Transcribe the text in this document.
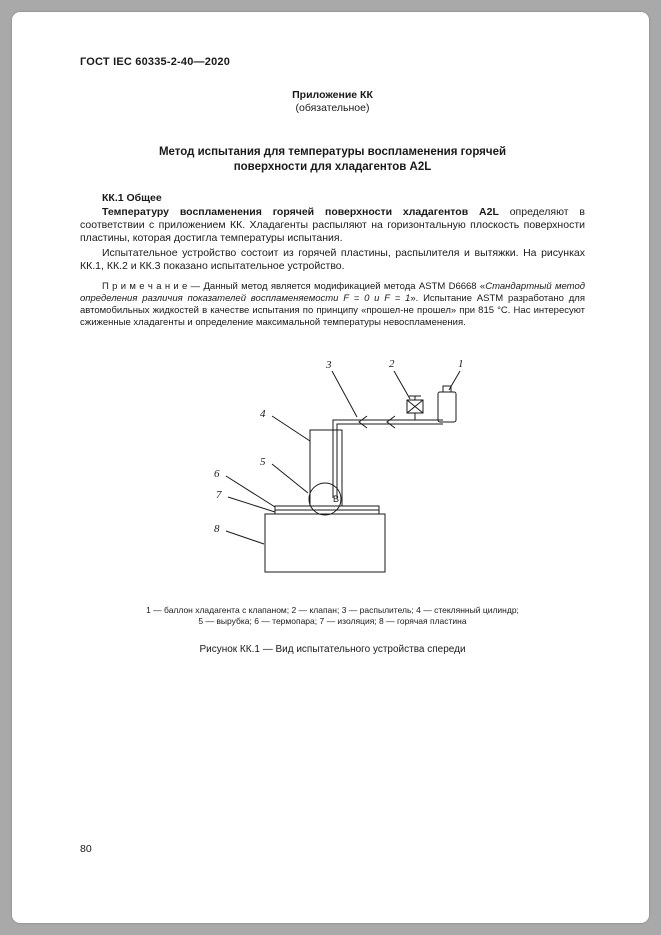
ГОСТ IEC 60335-2-40—2020
Приложение КК
(обязательное)
Метод испытания для температуры воспламенения горячей
поверхности для хладагентов A2L
КК.1 Общее

Температуру воспламенения горячей поверхности хладагентов A2L определяют в соответствии с приложением КК. Хладагенты распыляют на горизонтальную плоскость поверхности пластины, которая достигла температуры испытания.

Испытательное устройство состоит из горячей пластины, распылителя и вытяжки. На рисунках КК.1, КК.2 и КК.3 показано испытательное устройство.

П р и м е ч а н и е — Данный метод является модификацией метода ASTM D6668 «Стандартный метод определения различия показателей воспламеняемости F = 0 и F = 1». Испытание ASTM разработано для автомобильных жидкостей в качестве испытания по принципу «прошел-не прошел» при 815 °С. Нас интересуют сжиженные хладагенты и определение максимальной температуры невоспламенения.

3	2	1
4
5
6
7
8
В
1 — баллон хладагента с клапаном; 2 — клапан; 3 — распылитель; 4 — стеклянный цилиндр;
5 — вырубка; 6 — термопара; 7 — изоляция; 8 — горячая пластина
Рисунок КК.1 — Вид испытательного устройства спереди
80
